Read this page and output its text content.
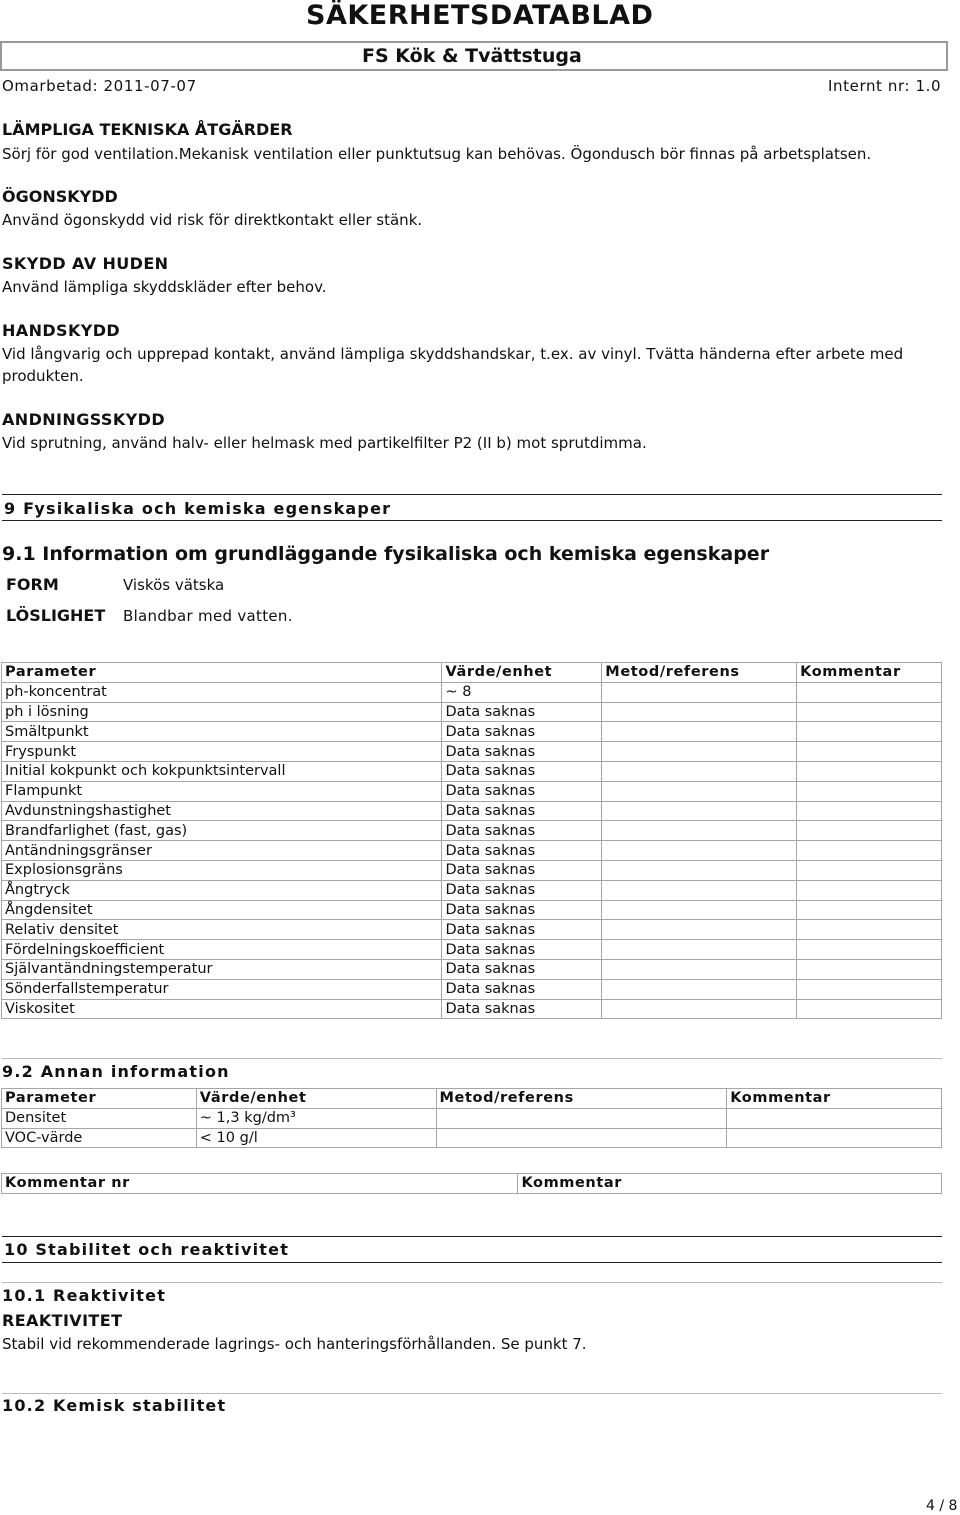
SÄKERHETSDATABLAD
FS Kök & Tvättstuga
Omarbetad: 2011-07-07	Internt nr: 1.0
LÄMPLIGA TEKNISKA ÅTGÄRDER
Sörj för god ventilation.Mekanisk ventilation eller punktutsug kan behövas. Ögondusch bör finnas på arbetsplatsen.
ÖGONSKYDD
Använd ögonskydd vid risk för direktkontakt eller stänk.
SKYDD AV HUDEN
Använd lämpliga skyddskläder efter behov.
HANDSKYDD
Vid långvarig och upprepad kontakt, använd lämpliga skyddshandskar, t.ex. av vinyl. Tvätta händerna efter arbete med
produkten.
ANDNINGSSKYDD
Vid sprutning, använd halv- eller helmask med partikelfilter P2 (II b) mot sprutdimma.
9 Fysikaliska och kemiska egenskaper
9.1 Information om grundläggande fysikaliska och kemiska egenskaper
FORM	Viskös vätska
LÖSLIGHET Blandbar med vatten.
Parameter	Värde/enhet	Metod/referens	Kommentar
ph-koncentrat	~ 8		
ph i lösning	Data saknas		
Smältpunkt	Data saknas		
Fryspunkt	Data saknas		
Initial kokpunkt och kokpunktsintervall	Data saknas		
Flampunkt	Data saknas		
Avdunstningshastighet	Data saknas		
Brandfarlighet (fast, gas)	Data saknas		
Antändningsgränser	Data saknas		
Explosionsgräns	Data saknas		
Ångtryck	Data saknas		
Ångdensitet	Data saknas		
Relativ densitet	Data saknas		
Fördelningskoefficient	Data saknas		
Självantändningstemperatur	Data saknas		
Sönderfallstemperatur	Data saknas		
Viskositet	Data saknas		
9.2 Annan information
Parameter	Värde/enhet	Metod/referens	Kommentar
Densitet	~ 1,3 kg/dm³		
VOC-värde	< 10 g/l		
Kommentar nr	Kommentar
10 Stabilitet och reaktivitet
10.1 Reaktivitet
REAKTIVITET
Stabil vid rekommenderade lagrings- och hanteringsförhållanden. Se punkt 7.
10.2 Kemisk stabilitet
4 / 8
